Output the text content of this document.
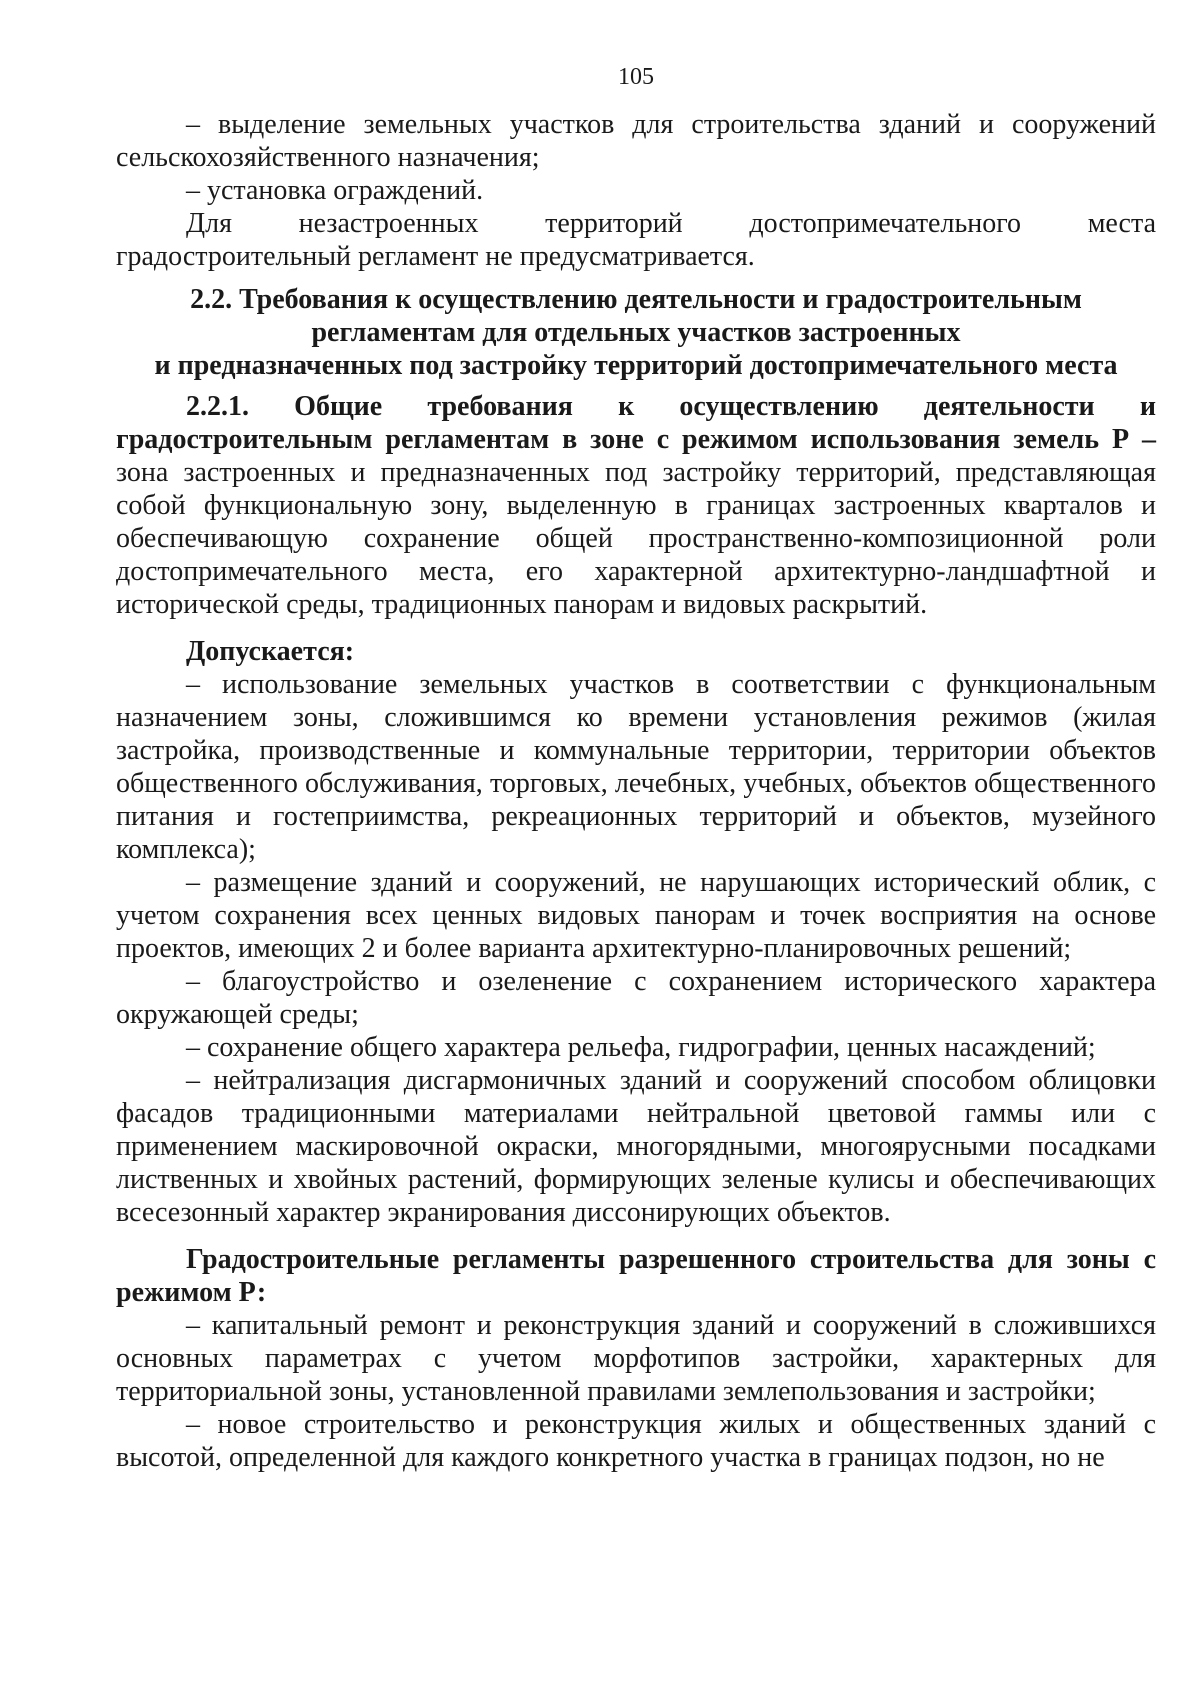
105

– выделение земельных участков для строительства зданий и сооружений сельскохозяйственного назначения;

– установка ограждений.

Для незастроенных территорий достопримечательного места градостроительный регламент не предусматривается.

2.2. Требования к осуществлению деятельности и градостроительным
регламентам для отдельных участков застроенных
и предназначенных под застройку территорий достопримечательного места

2.2.1. Общие требования к осуществлению деятельности и градостроительным регламентам в зоне с режимом использования земель Р – зона застроенных и предназначенных под застройку территорий, представляющая собой функциональную зону, выделенную в границах застроенных кварталов и обеспечивающую сохранение общей пространственно-композиционной роли достопримечательного места, его характерной архитектурно-ландшафтной и исторической среды, традиционных панорам и видовых раскрытий.

Допускается:

– использование земельных участков в соответствии с функциональным назначением зоны, сложившимся ко времени установления режимов (жилая застройка, производственные и коммунальные территории, территории объектов общественного обслуживания, торговых, лечебных, учебных, объектов общественного питания и гостеприимства, рекреационных территорий и объектов, музейного комплекса);

– размещение зданий и сооружений, не нарушающих исторический облик, с учетом сохранения всех ценных видовых панорам и точек восприятия на основе проектов, имеющих 2 и более варианта архитектурно-планировочных решений;

– благоустройство и озеленение с сохранением исторического характера окружающей среды;

– сохранение общего характера рельефа, гидрографии, ценных насаждений;

– нейтрализация дисгармоничных зданий и сооружений способом облицовки фасадов традиционными материалами нейтральной цветовой гаммы или с применением маскировочной окраски, многорядными, многоярусными посадками лиственных и хвойных растений, формирующих зеленые кулисы и обеспечивающих всесезонный характер экранирования диссонирующих объектов.

Градостроительные регламенты разрешенного строительства для зоны с режимом Р:

– капитальный ремонт и реконструкция зданий и сооружений в сложившихся основных параметрах с учетом морфотипов застройки, характерных для территориальной зоны, установленной правилами землепользования и застройки;

– новое строительство и реконструкция жилых и общественных зданий с высотой, определенной для каждого конкретного участка в границах подзон, но не
